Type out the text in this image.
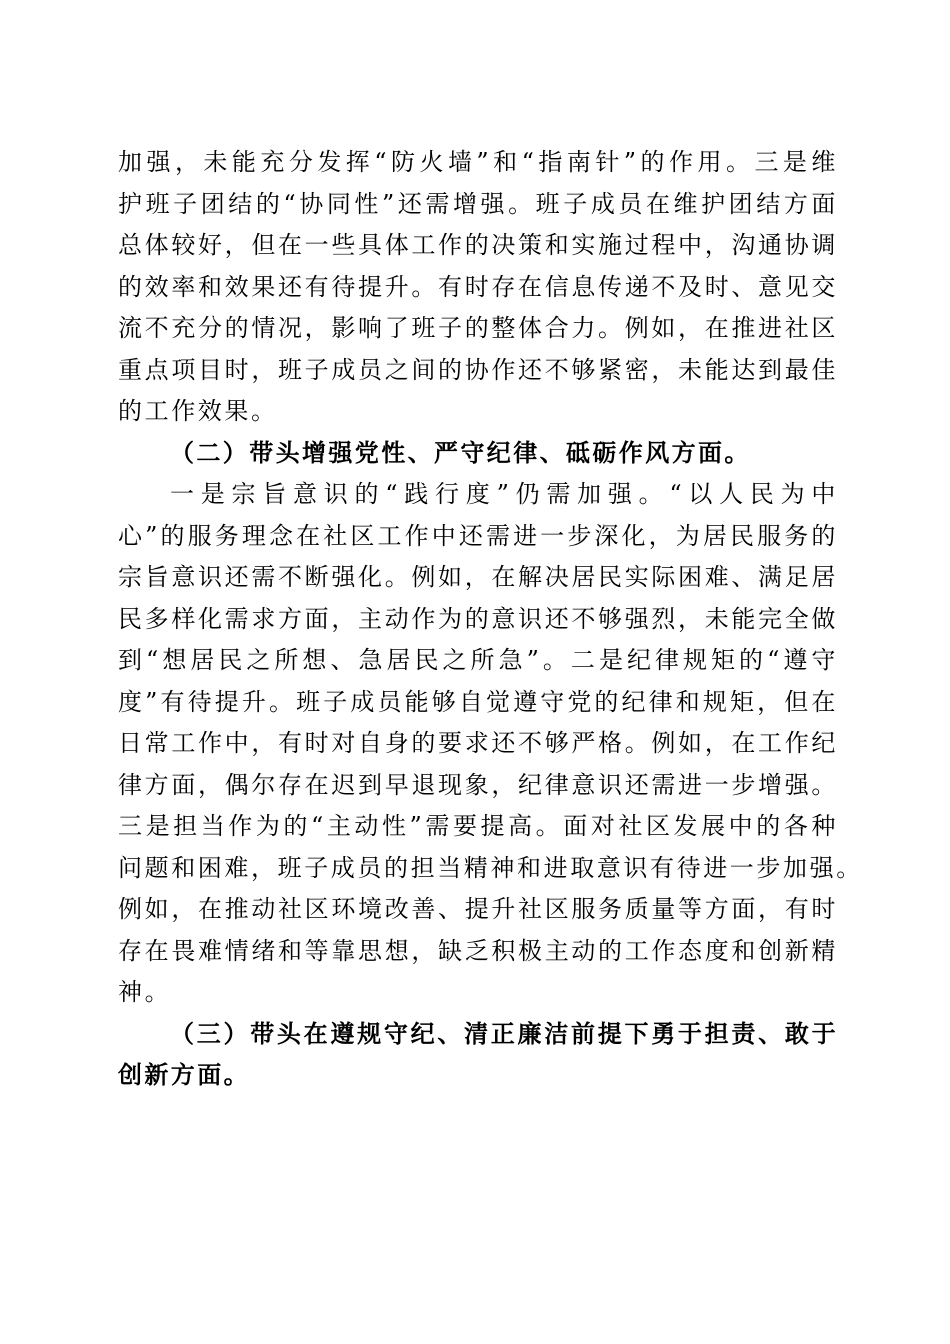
加强，未能充分发挥“防火墙”和“指南针”的作用。三是维
护班子团结的“协同性”还需增强。班子成员在维护团结方面
总体较好，但在一些具体工作的决策和实施过程中，沟通协调
的效率和效果还有待提升。有时存在信息传递不及时、意见交
流不充分的情况，影响了班子的整体合力。例如，在推进社区
重点项目时，班子成员之间的协作还不够紧密，未能达到最佳
的工作效果。
（二）带头增强党性、严守纪律、砥砺作风方面。
一是宗旨意识的“践行度”仍需加强。“以人民为中
心”的服务理念在社区工作中还需进一步深化，为居民服务的
宗旨意识还需不断强化。例如，在解决居民实际困难、满足居
民多样化需求方面，主动作为的意识还不够强烈，未能完全做
到“想居民之所想、急居民之所急”。二是纪律规矩的“遵守
度”有待提升。班子成员能够自觉遵守党的纪律和规矩，但在
日常工作中，有时对自身的要求还不够严格。例如，在工作纪
律方面，偶尔存在迟到早退现象，纪律意识还需进一步增强。
三是担当作为的“主动性”需要提高。面对社区发展中的各种
问题和困难，班子成员的担当精神和进取意识有待进一步加强。
例如，在推动社区环境改善、提升社区服务质量等方面，有时
存在畏难情绪和等靠思想，缺乏积极主动的工作态度和创新精
神。
（三）带头在遵规守纪、清正廉洁前提下勇于担责、敢于
创新方面。
